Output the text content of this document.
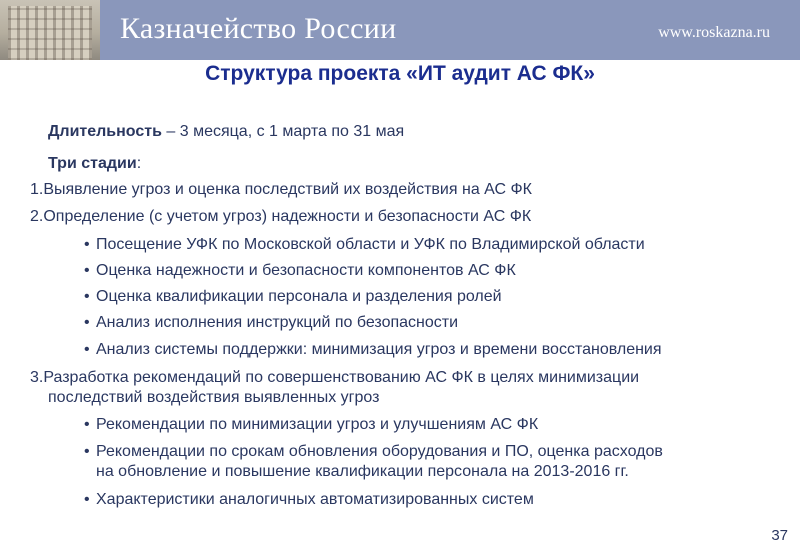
Казначейство России	www.roskazna.ru
Структура проекта «ИТ аудит АС ФК»
Длительность – 3 месяца, с 1 марта по 31 мая
Три стадии:
1.Выявление угроз и оценка последствий их воздействия на АС ФК
2.Определение (с учетом угроз) надежности и безопасности АС ФК
• Посещение УФК по Московской области и УФК по Владимирской области
• Оценка надежности и безопасности компонентов АС ФК
• Оценка квалификации персонала и разделения ролей
• Анализ исполнения инструкций по безопасности
• Анализ системы поддержки: минимизация угроз и времени восстановления
3.Разработка рекомендаций по совершенствованию АС ФК в целях минимизации
последствий воздействия выявленных угроз
• Рекомендации по минимизации угроз и улучшениям АС ФК
• Рекомендации по срокам обновления оборудования и ПО, оценка расходов
на обновление и повышение квалификации персонала на 2013-2016 гг.
• Характеристики аналогичных автоматизированных систем
37
